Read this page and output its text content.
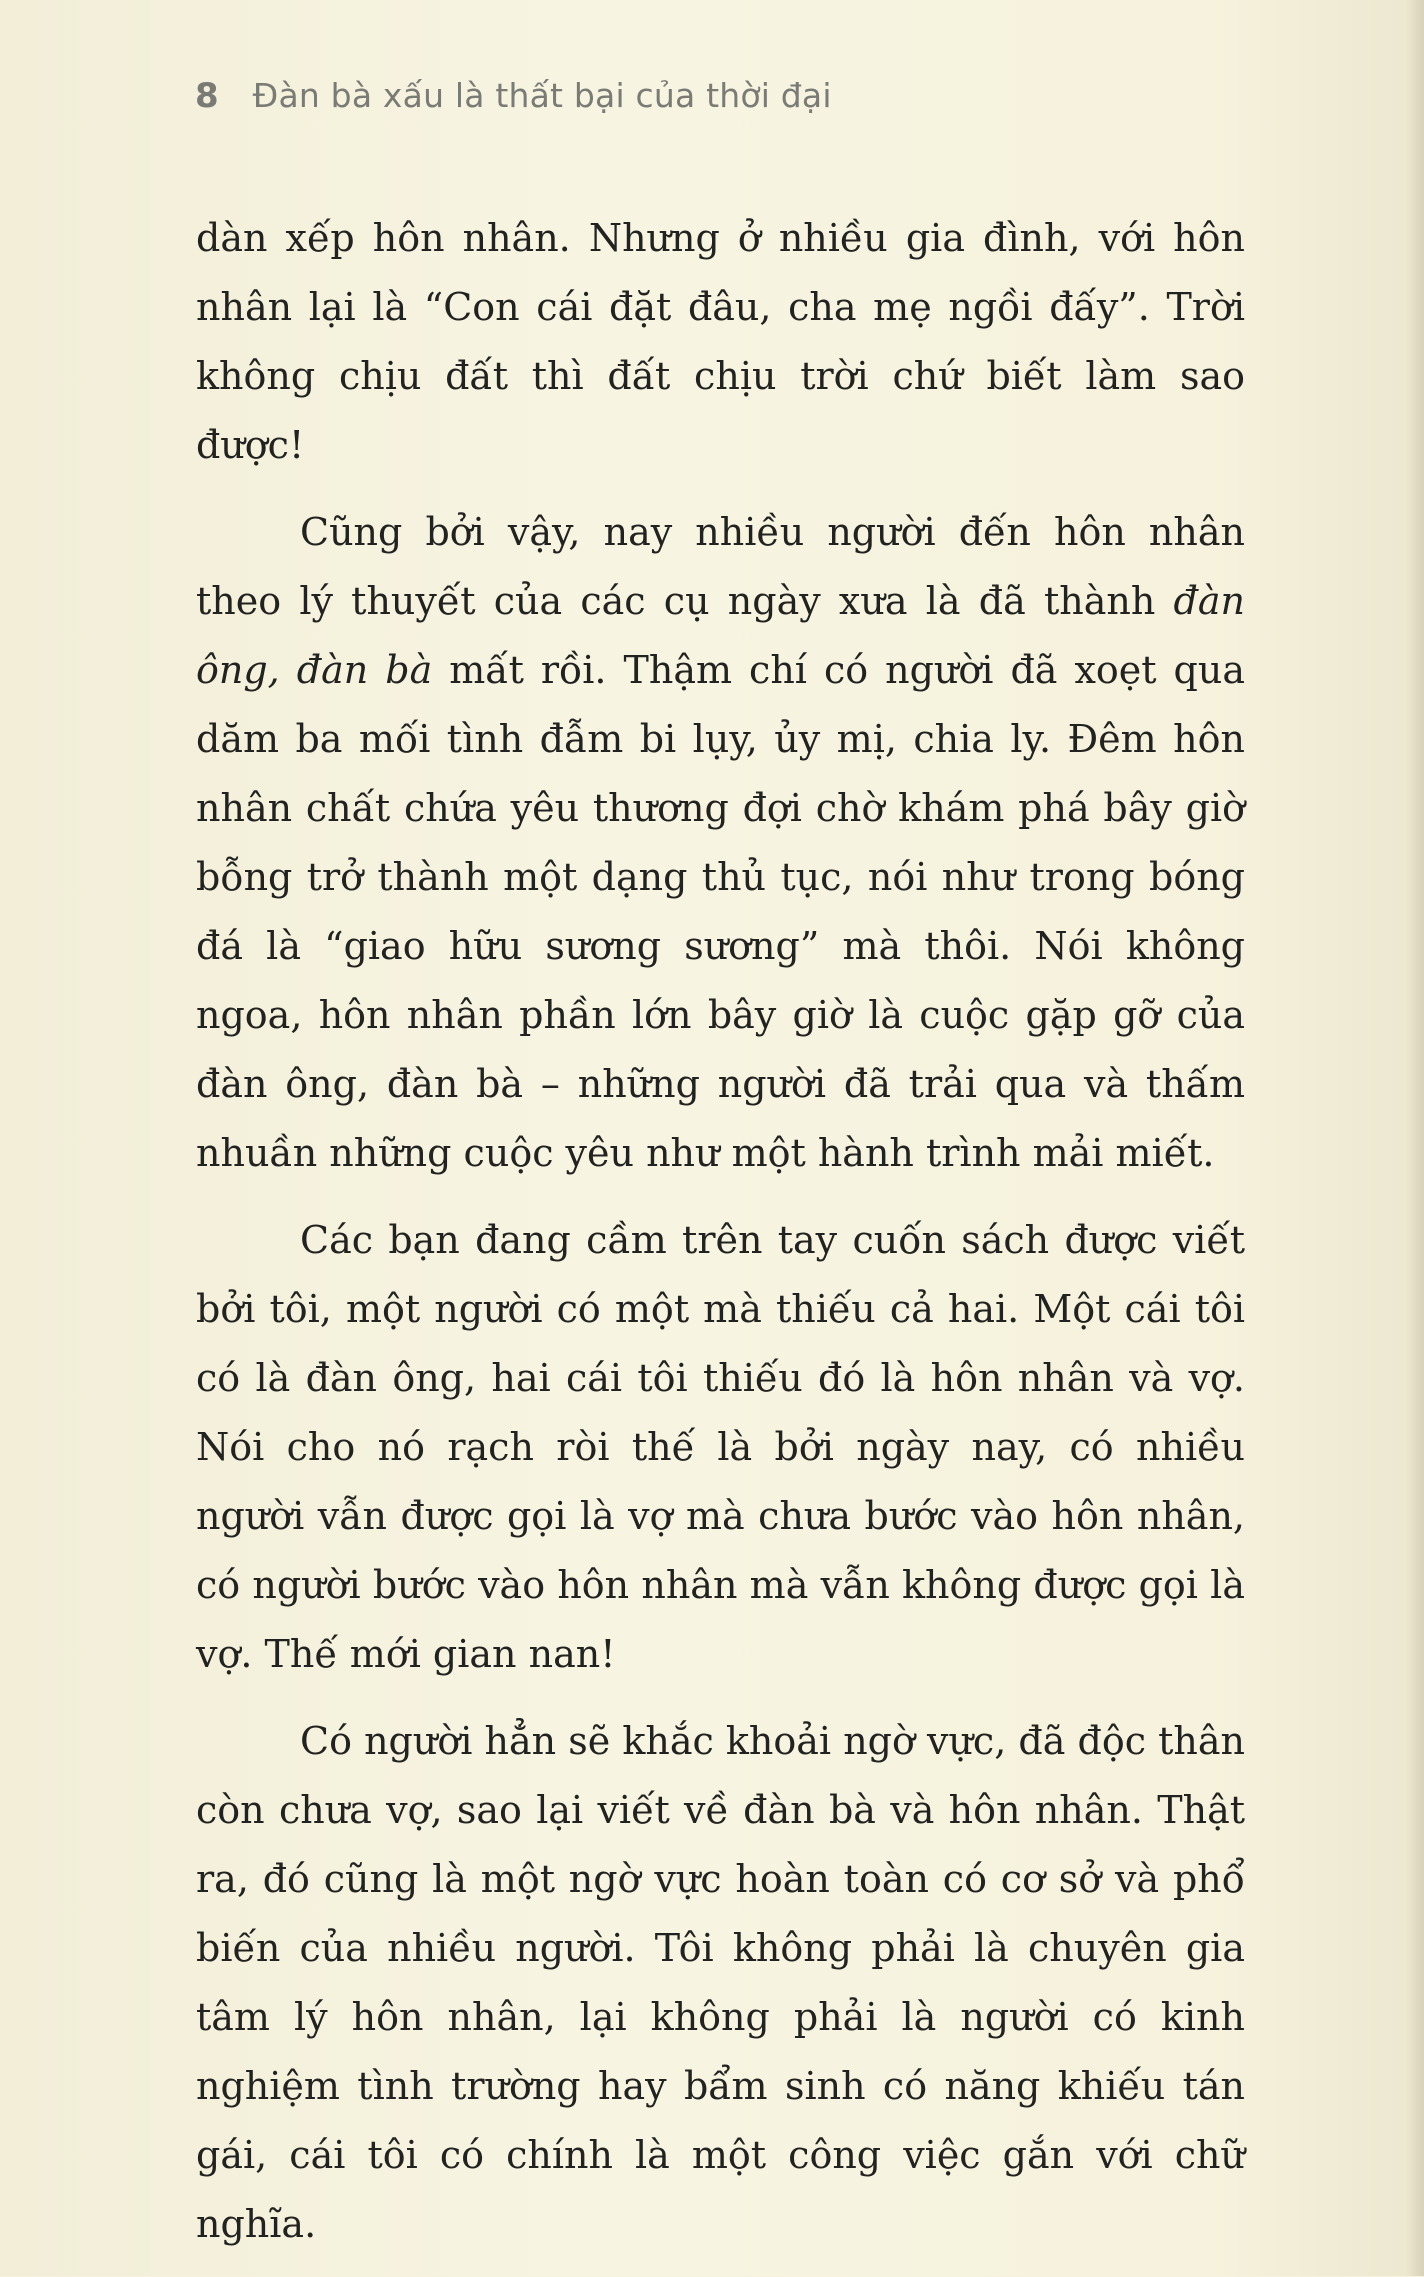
8 Đàn bà xấu là thất bại của thời đại

dàn xếp hôn nhân. Nhưng ở nhiều gia đình, với hôn nhân lại là “Con cái đặt đâu, cha mẹ ngồi đấy”. Trời không chịu đất thì đất chịu trời chứ biết làm sao được!

Cũng bởi vậy, nay nhiều người đến hôn nhân theo lý thuyết của các cụ ngày xưa là đã thành đàn ông, đàn bà mất rồi. Thậm chí có người đã xoẹt qua dăm ba mối tình đẫm bi lụy, ủy mị, chia ly. Đêm hôn nhân chất chứa yêu thương đợi chờ khám phá bây giờ bỗng trở thành một dạng thủ tục, nói như trong bóng đá là “giao hữu sương sương” mà thôi. Nói không ngoa, hôn nhân phần lớn bây giờ là cuộc gặp gỡ của đàn ông, đàn bà – những người đã trải qua và thấm nhuần những cuộc yêu như một hành trình mải miết.

Các bạn đang cầm trên tay cuốn sách được viết bởi tôi, một người có một mà thiếu cả hai. Một cái tôi có là đàn ông, hai cái tôi thiếu đó là hôn nhân và vợ. Nói cho nó rạch ròi thế là bởi ngày nay, có nhiều người vẫn được gọi là vợ mà chưa bước vào hôn nhân, có người bước vào hôn nhân mà vẫn không được gọi là vợ. Thế mới gian nan!

Có người hẳn sẽ khắc khoải ngờ vực, đã độc thân còn chưa vợ, sao lại viết về đàn bà và hôn nhân. Thật ra, đó cũng là một ngờ vực hoàn toàn có cơ sở và phổ biến của nhiều người. Tôi không phải là chuyên gia tâm lý hôn nhân, lại không phải là người có kinh nghiệm tình trường hay bẩm sinh có năng khiếu tán gái, cái tôi có chính là một công việc gắn với chữ nghĩa.
